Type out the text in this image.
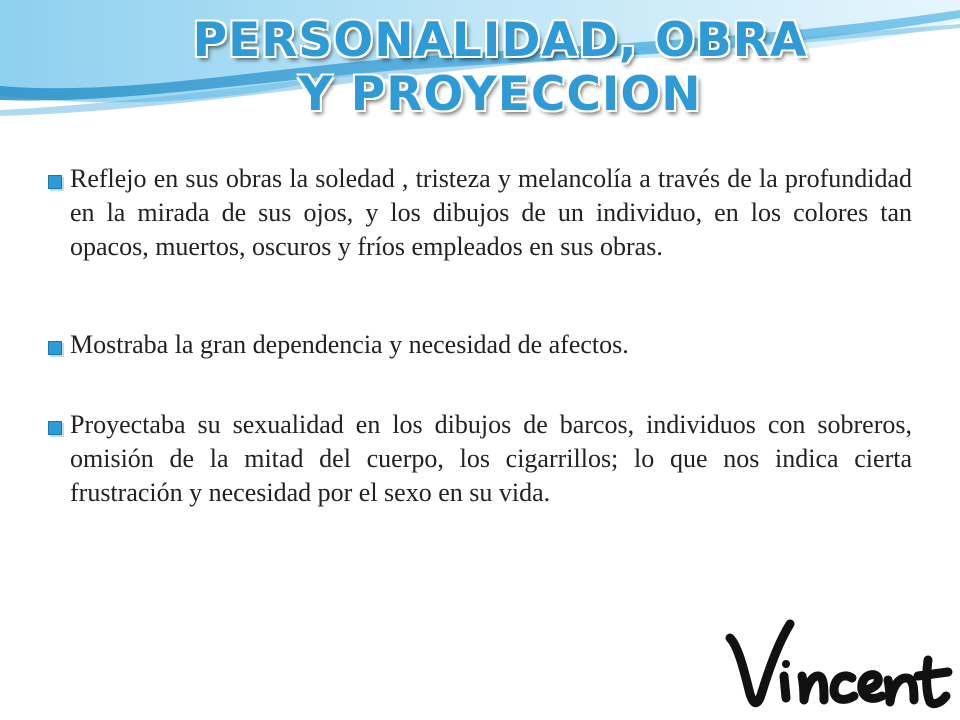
PERSONALIDAD, OBRA
Y PROYECCION

Reflejo en sus obras la soledad , tristeza y melancolía a través de la profundidad en la mirada de sus ojos, y los dibujos de un individuo, en los colores tan opacos, muertos, oscuros y fríos empleados en sus obras.

Mostraba la gran dependencia y necesidad de afectos.

Proyectaba su sexualidad en los dibujos de barcos, individuos con sobreros, omisión de la mitad del cuerpo, los cigarrillos; lo que nos indica cierta frustración y necesidad por el sexo en su vida.
